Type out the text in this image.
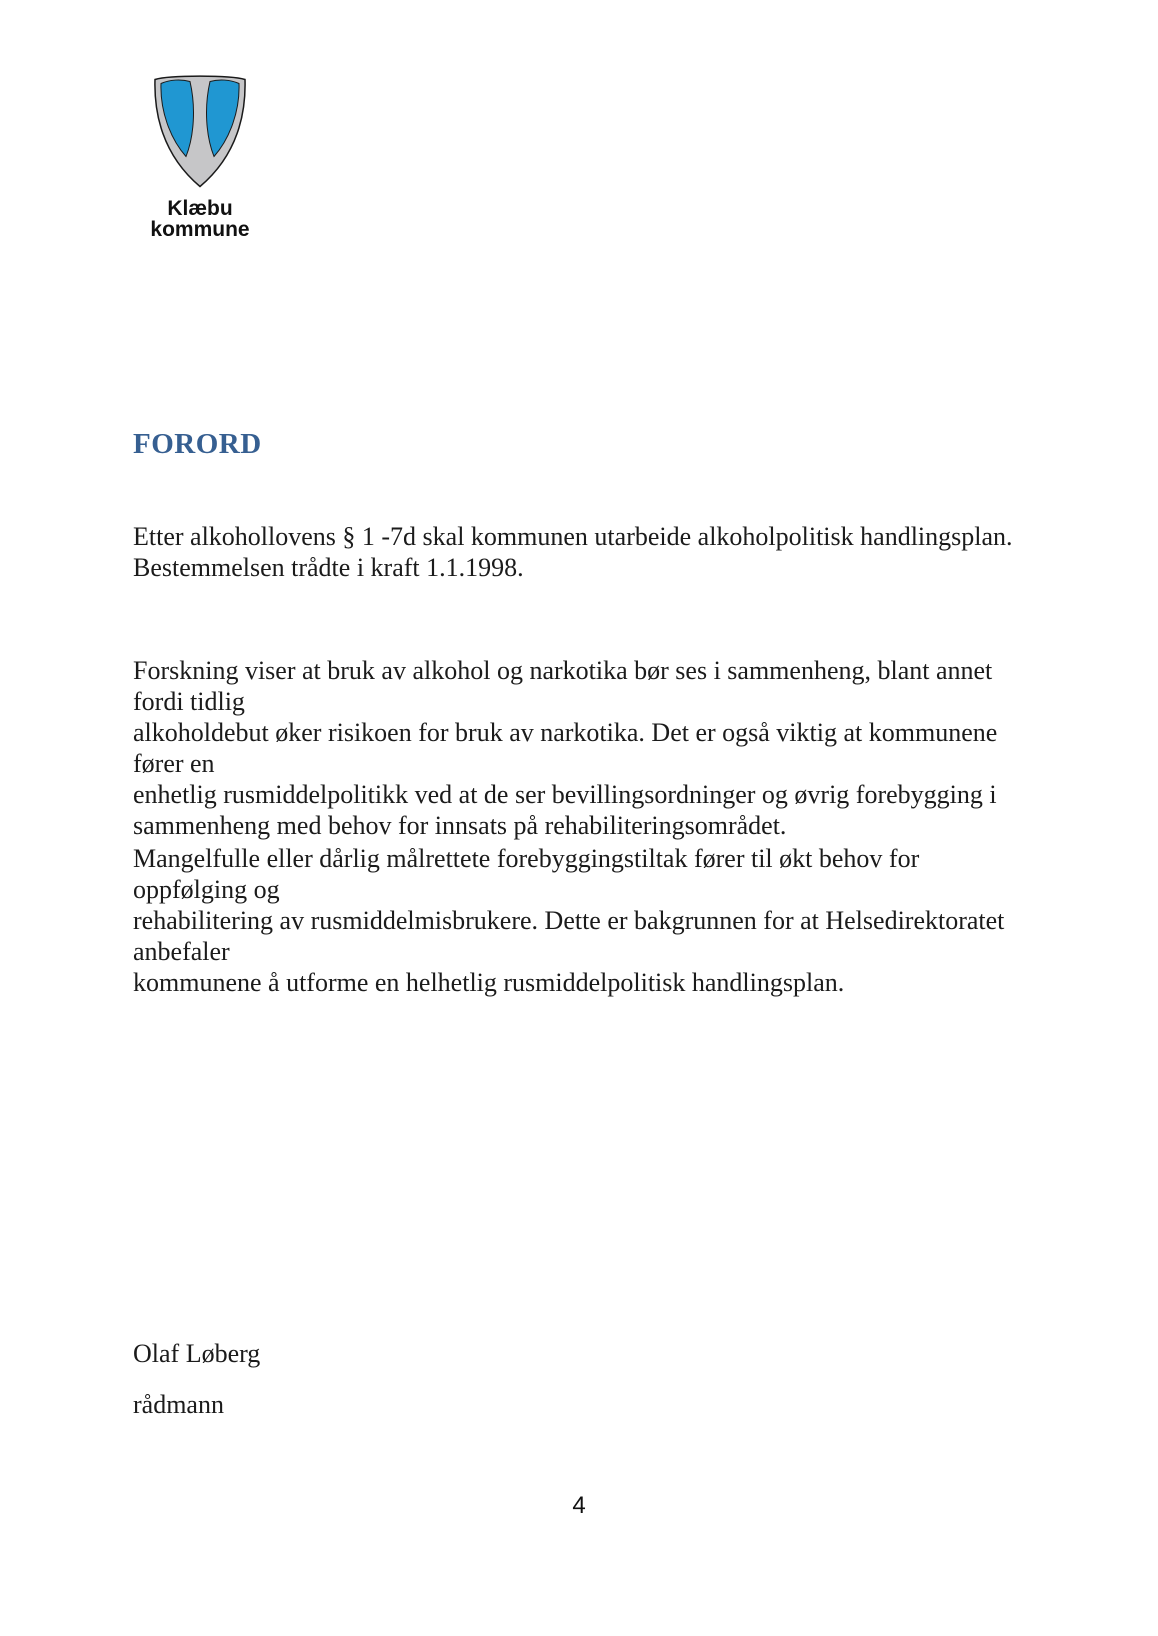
Klæbu
kommune
FORORD
Etter alkohollovens § 1 -7d skal kommunen utarbeide alkoholpolitisk handlingsplan.
Bestemmelsen trådte i kraft 1.1.1998.
Forskning viser at bruk av alkohol og narkotika bør ses i sammenheng, blant annet fordi tidlig
alkoholdebut øker risikoen for bruk av narkotika. Det er også viktig at kommunene fører en
enhetlig rusmiddelpolitikk ved at de ser bevillingsordninger og øvrig forebygging i
sammenheng med behov for innsats på rehabiliteringsområdet.
Mangelfulle eller dårlig målrettete forebyggingstiltak fører til økt behov for oppfølging og
rehabilitering av rusmiddelmisbrukere. Dette er bakgrunnen for at Helsedirektoratet anbefaler
kommunene å utforme en helhetlig rusmiddelpolitisk handlingsplan.
Olaf Løberg
rådmann
4
